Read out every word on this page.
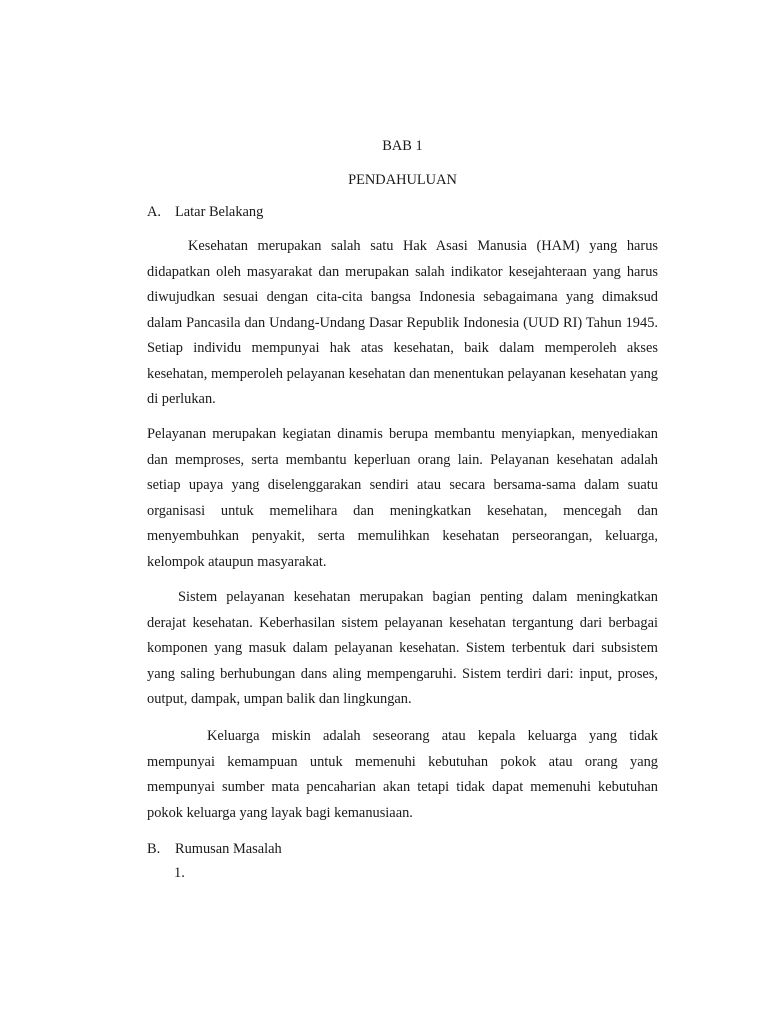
BAB 1
PENDAHULUAN
A. Latar Belakang

Kesehatan merupakan salah satu Hak Asasi Manusia (HAM) yang harus didapatkan oleh masyarakat dan merupakan salah indikator kesejahteraan yang harus diwujudkan sesuai dengan cita-cita bangsa Indonesia sebagaimana yang dimaksud dalam Pancasila dan Undang-Undang Dasar Republik Indonesia (UUD RI) Tahun 1945. Setiap individu mempunyai hak atas kesehatan, baik dalam memperoleh akses kesehatan, memperoleh pelayanan kesehatan dan menentukan pelayanan kesehatan yang di perlukan.

Pelayanan merupakan kegiatan dinamis berupa membantu menyiapkan, menyediakan dan memproses, serta membantu keperluan orang lain. Pelayanan kesehatan adalah setiap upaya yang diselenggarakan sendiri atau secara bersama-sama dalam suatu organisasi untuk memelihara dan meningkatkan kesehatan, mencegah dan menyembuhkan penyakit, serta memulihkan kesehatan perseorangan, keluarga, kelompok ataupun masyarakat.

Sistem pelayanan kesehatan merupakan bagian penting dalam meningkatkan derajat kesehatan. Keberhasilan sistem pelayanan kesehatan tergantung dari berbagai komponen yang masuk dalam pelayanan kesehatan. Sistem terbentuk dari subsistem yang saling berhubungan dans aling mempengaruhi. Sistem terdiri dari: input, proses, output, dampak, umpan balik dan lingkungan.

Keluarga miskin adalah seseorang atau kepala keluarga yang tidak mempunyai kemampuan untuk memenuhi kebutuhan pokok atau orang yang mempunyai sumber mata pencaharian akan tetapi tidak dapat memenuhi kebutuhan pokok keluarga yang layak bagi kemanusiaan.

B. Rumusan Masalah
1.
